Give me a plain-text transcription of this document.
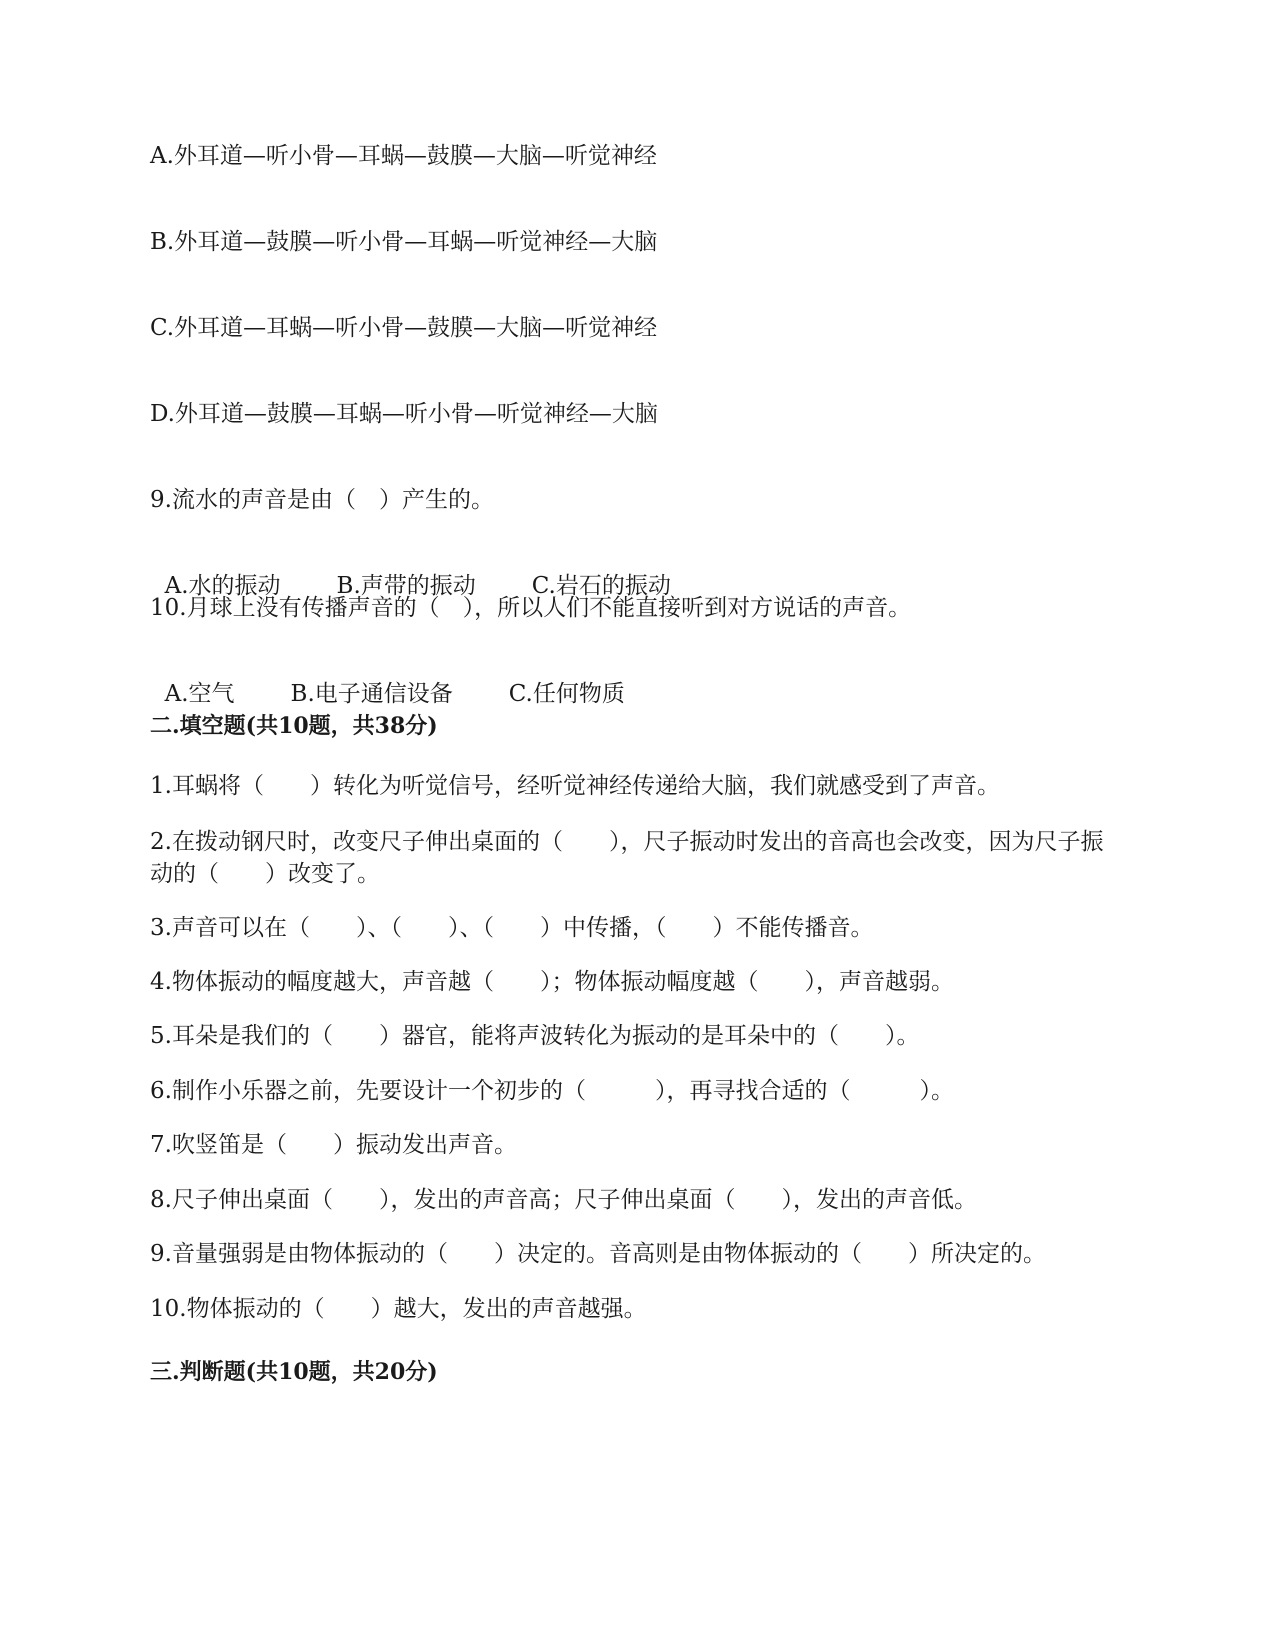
A.外耳道—听小骨—耳蜗—鼓膜—大脑—听觉神经
B.外耳道—鼓膜—听小骨—耳蜗—听觉神经—大脑
C.外耳道—耳蜗—听小骨—鼓膜—大脑—听觉神经
D.外耳道—鼓膜—耳蜗—听小骨—听觉神经—大脑
9.流水的声音是由（　）产生的。

A.水的振动 B.声带的振动 C.岩石的振动

10.月球上没有传播声音的（　），所以人们不能直接听到对方说话的声音。

A.空气 B.电子通信设备 C.任何物质

二.填空题(共10题，共38分)
1.耳蜗将（　　）转化为听觉信号，经听觉神经传递给大脑，我们就感受到了声音。
2.在拨动钢尺时，改变尺子伸出桌面的（　　），尺子振动时发出的音高也会改变，因为尺子振动的（　　）改变了。
3.声音可以在（　　）、（　　）、（　　）中传播，（　　）不能传播音。
4.物体振动的幅度越大，声音越（　　）；物体振动幅度越（　　），声音越弱。
5.耳朵是我们的（　　）器官，能将声波转化为振动的是耳朵中的（　　）。
6.制作小乐器之前，先要设计一个初步的（　　　），再寻找合适的（　　　）。
7.吹竖笛是（　　）振动发出声音。
8.尺子伸出桌面（　　），发出的声音高；尺子伸出桌面（　　），发出的声音低。
9.音量强弱是由物体振动的（　　）决定的。音高则是由物体振动的（　　）所决定的。
10.物体振动的（　　）越大，发出的声音越强。
三.判断题(共10题，共20分)
